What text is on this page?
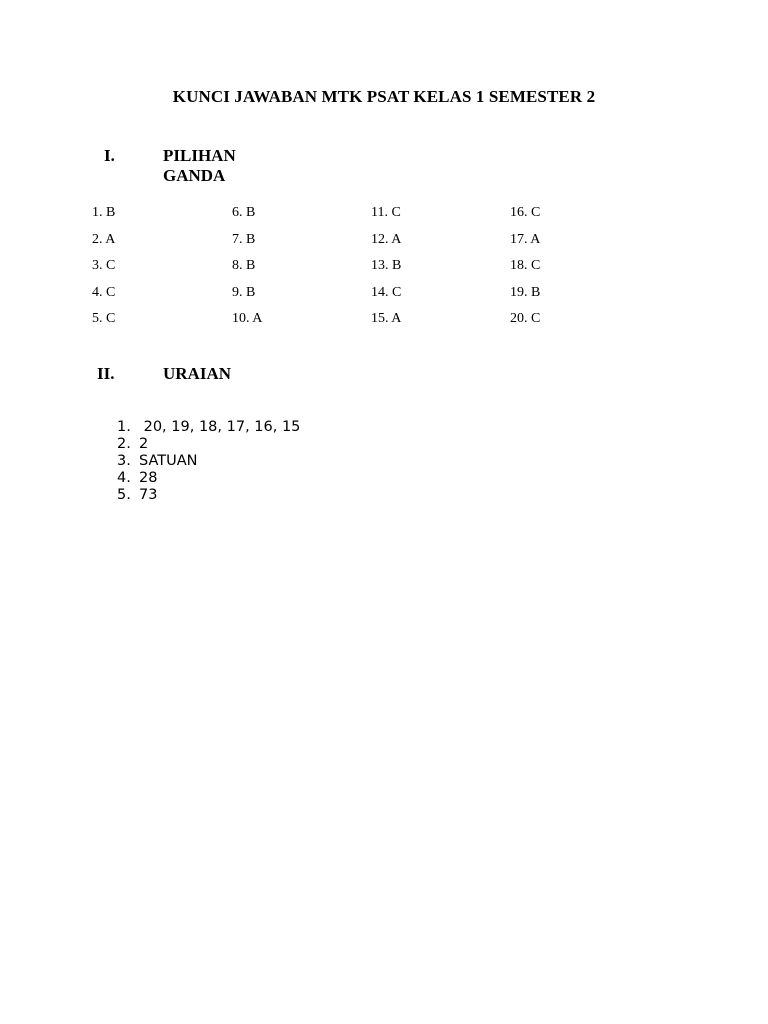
KUNCI JAWABAN MTK PSAT KELAS 1 SEMESTER 2
I.	PILIHAN GANDA
1. B
2. A
3. C
4. C
5. C
6. B
7. B
8. B
9. B
10. A
11. C
12. A
13. B
14. C
15. A
16. C
17. A
18. C
19. B
20. C
II.	URAIAN
1. 20, 19, 18, 17, 16, 15
2. 2
3. SATUAN
4. 28
5. 73
